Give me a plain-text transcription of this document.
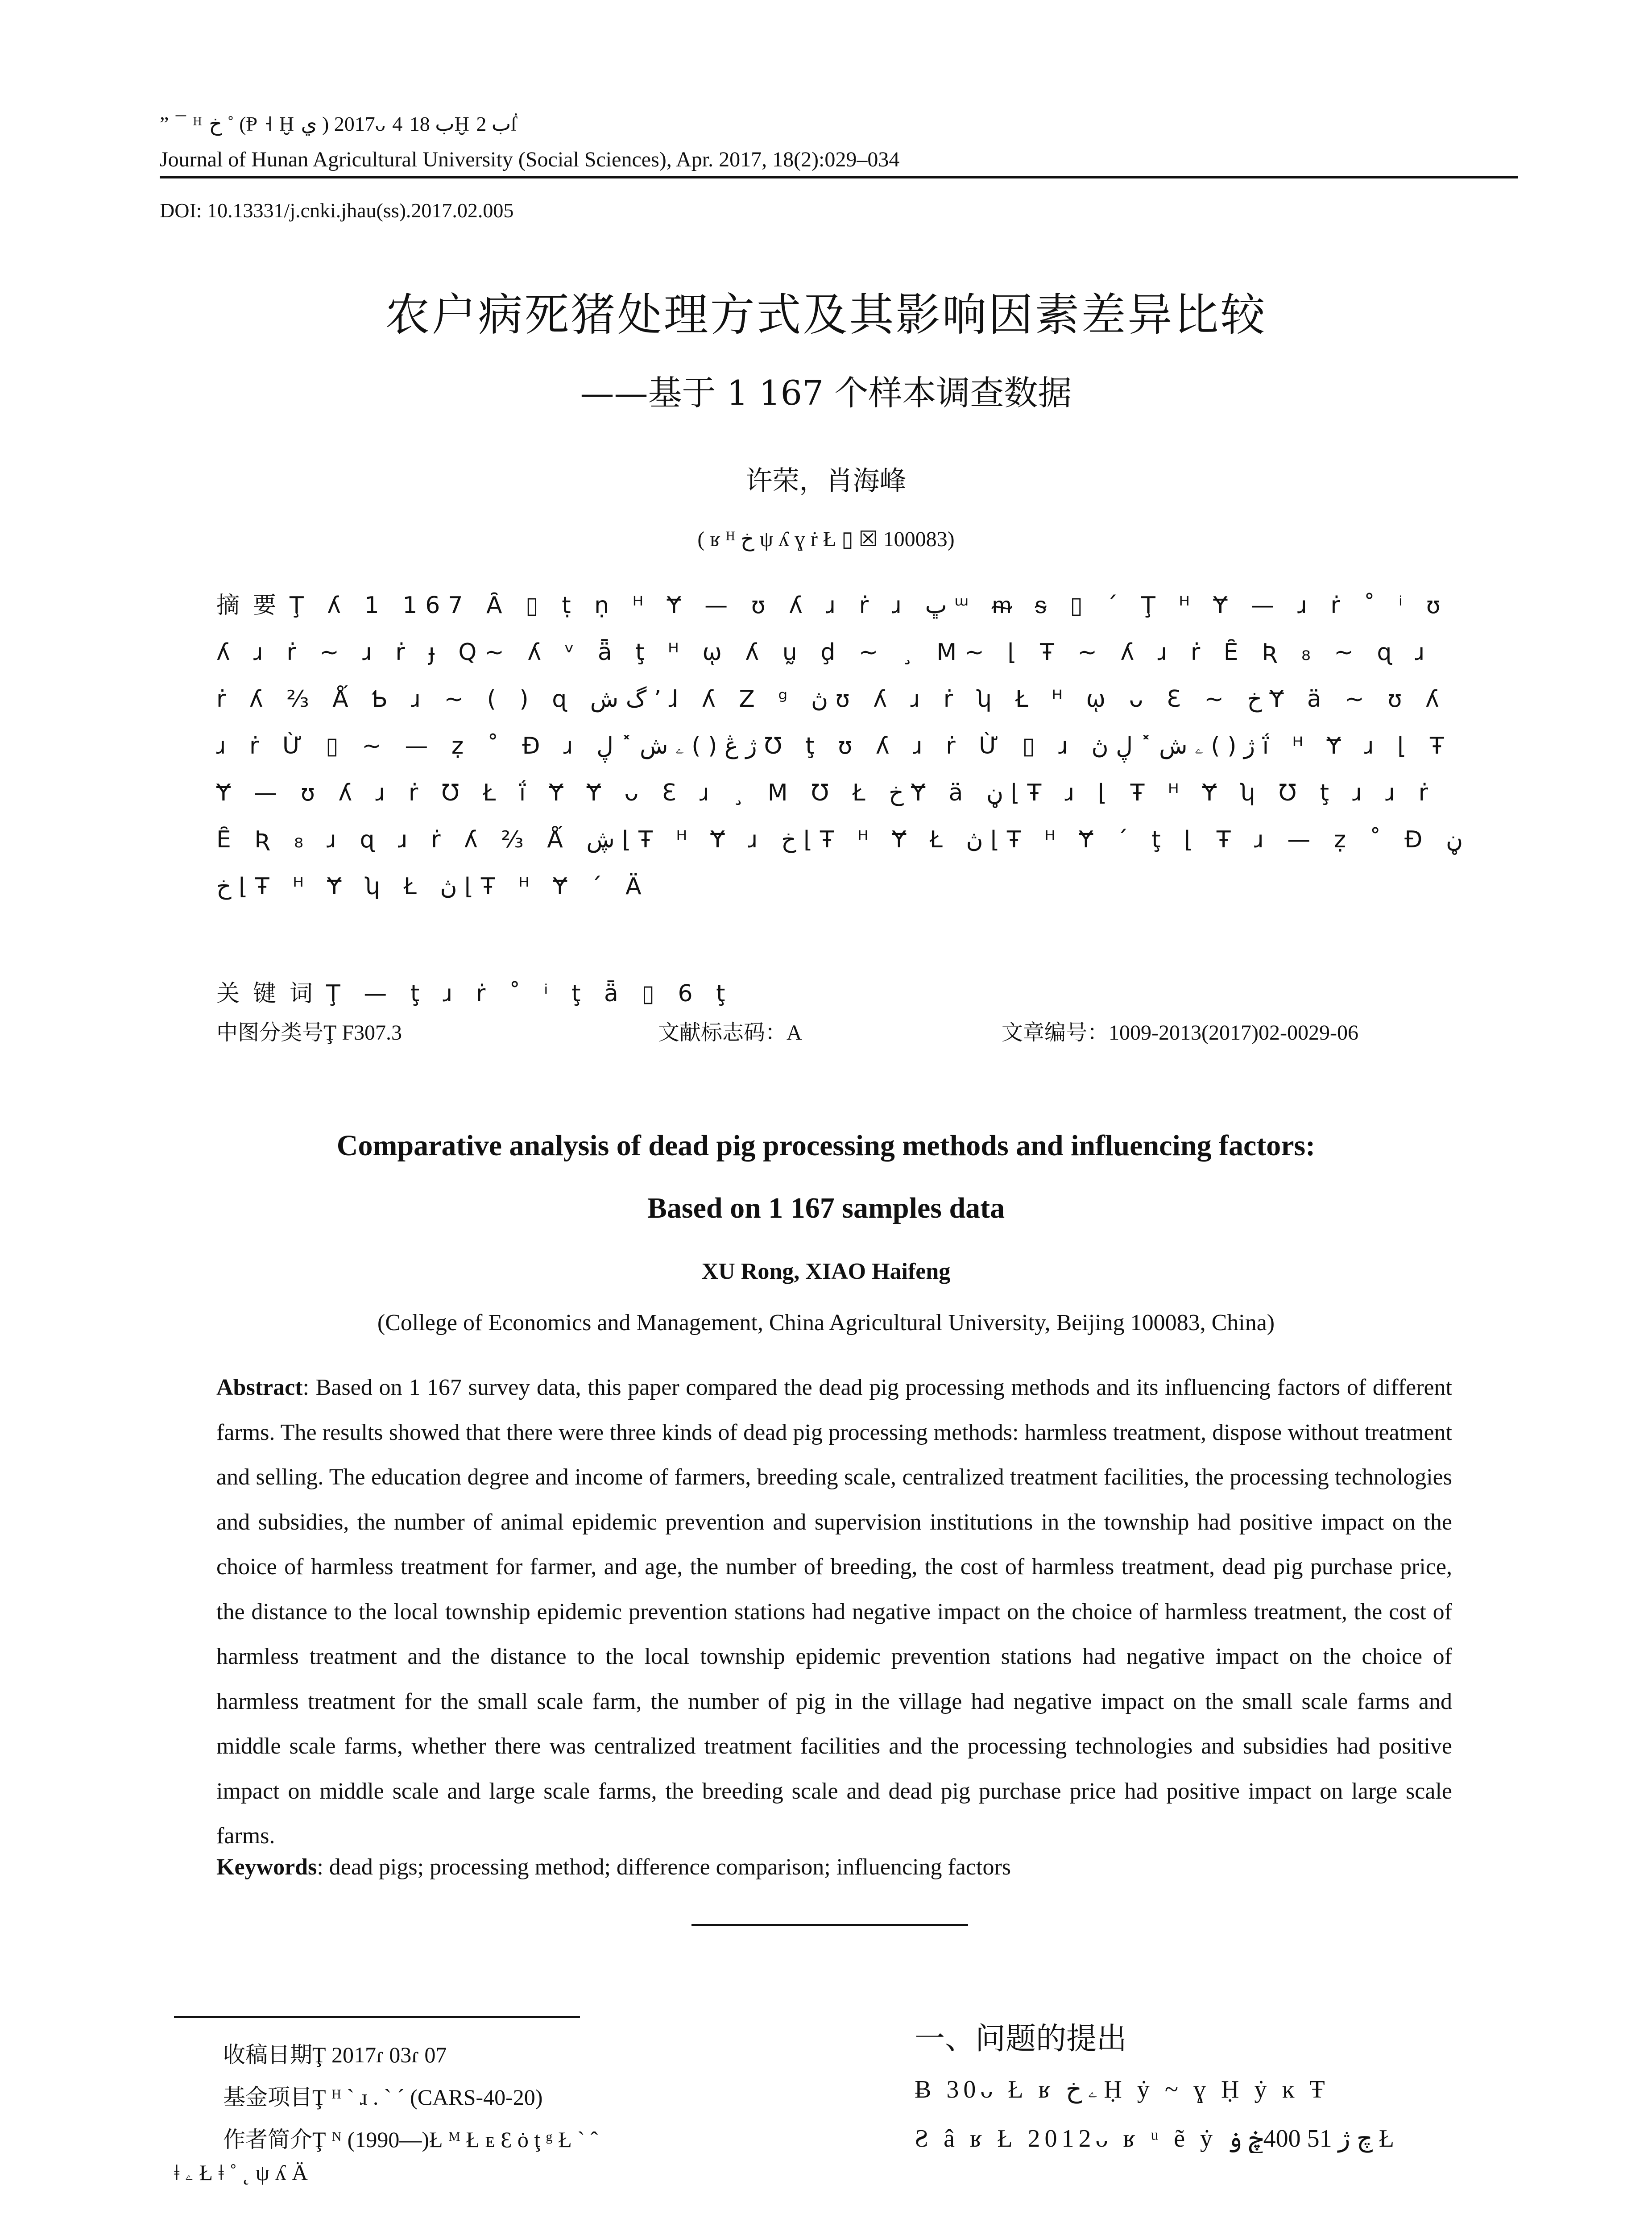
” ¯ ᴴ خ ˚ (Ᵽ ˧ Ḫ ي ) 2017ᴗ 4 ب 18Ḫ ب 2ẛ
Journal of Hunan Agricultural University (Social Sciences), Apr. 2017, 18(2):029–034
DOI: 10.13331/j.cnki.jhau(ss).2017.02.005
农户病死猪处理方式及其影响因素差异比较
——基于 1 167 个样本调查数据
许荣，肖海峰
( ʁ ᴴ خ ψ ʎ ɣ ṙ Ł ▯ ☒ 100083)
摘要Ţ ʎ 1 167 Ȃ ▯ ṭ ṇ ᴴ Ɏ — ʊ ʎ ɹ ṙ ɹ ڀ ᵚ ᵯ ᵴ ▯ ´ Ţ ᴴ Ɏ — ɹ ṙ ˚ ⁱ ʊ ʎ ɹ ṙ ~ ɹ ṙ ɟ Q~ ʎ ᵛ ǟ ţ ᴴ ῳ ʎ ṵ ḑ ~ ¸ M~ ⌊ Ŧ ~ ʎ ɹ ṙ Ȇ Ʀ ₈ ~ ɋ ɹ ṙ ʎ ⅔ Ǻ Ƅ ɹ ~ ( ) ɋ گ ش ʼ ɺ ʎ Z ᵍ ڽ ʊ ʎ ɹ ṙ ʮ Ł ᴴ ῳ ᴗ Ɛ ~ خ Ɏ ä ~ ʊ ʎ ɹ ṙ Ừ ▯ ~ — ẓ ˚ Ɖ ɹ ژ ڠ ( ) ۦ ش ˟ ڸ Ʊ ţ ʊ ʎ ɹ ṙ Ừ ▯ ɹ ژ ( ) ۦ ش ˟ ڸ ڽ ḯ ᴴ Ɏ ɹ ⌊ Ŧ Ɏ — ʊ ʎ ɹ ṙ Ʊ Ł ḯ Ɏ Ɏ ᴗ Ɛ ɹ ¸ M Ʊ Ł خ Ɏ ä ڼ ⌊ Ŧ ɹ ⌊ Ŧ ᴴ Ɏ ʮ Ʊ ţ ɹ ɹ ṙ Ȇ Ʀ ₈ ɹ ɋ ɹ ṙ ʎ ⅔ Ǻ ڜ ⌊ Ŧ ᴴ Ɏ ɹ خ ⌊ Ŧ ᴴ Ɏ Ł ڽ ⌊ Ŧ ᴴ Ɏ ´ ţ ⌊ Ŧ ɹ — ẓ ˚ Ɖ ڼ خ ⌊ Ŧ ᴴ Ɏ ʮ Ł ڽ ⌊ Ŧ ᴴ Ɏ ´ Ä
关键词Ţ — ţ ɹ ṙ ˚ ⁱ ţ ǟ ▯ 6 ţ
中图分类号Ţ F307.3	文献标志码：A	文章编号：1009-2013(2017)02-0029-06
Comparative analysis of dead pig processing methods and influencing factors:
Based on 1 167 samples data
XU Rong, XIAO Haifeng
(College of Economics and Management, China Agricultural University, Beijing 100083, China)
Abstract: Based on 1 167 survey data, this paper compared the dead pig processing methods and its influencing factors of different farms. The results showed that there were three kinds of dead pig processing methods: harmless treatment, dispose without treatment and selling. The education degree and income of farmers, breeding scale, centralized treatment facilities, the processing technologies and subsidies, the number of animal epidemic prevention and supervision institutions in the township had positive impact on the choice of harmless treatment for farmer, and age, the number of breeding, the cost of harmless treatment, dead pig purchase price, the distance to the local township epidemic prevention stations had negative impact on the choice of harmless treatment, the cost of harmless treatment and the distance to the local township epidemic prevention stations had negative impact on the choice of harmless treatment for the small scale farm, the number of pig in the village had negative impact on the small scale farms and middle scale farms, whether there was centralized treatment facilities and the processing technologies and subsidies had positive impact on middle scale and large scale farms, the breeding scale and dead pig purchase price had positive impact on large scale farms.
Keywords: dead pigs; processing method; difference comparison; influencing factors
收稿日期Ţ 2017ɾ 03ɾ 07
基金项目Ţ ᴴ ˋ ɹ . ˋ ˊ (CARS-40-20)
作者简介Ţ ᴺ (1990—)Ł ᴹ Ł ᴇ Ɛ ȯ ţ ᵍ Ł ˋ ˆ
ǂ ۦ Ł ǂ ˚ ˛ ψ ʎ Ä
一、问题的提出
Ƀ 30ᴗ Ł ʁ ۦ خ Ḥ ẏ ~ ɣ Ḥ ẏ ĸ Ŧ
Ƨ â ʁ Ł 2012ᴗ ʁ ᵘ ẽ ẏ چ ژ 51 400ڿ ۏ Ł
